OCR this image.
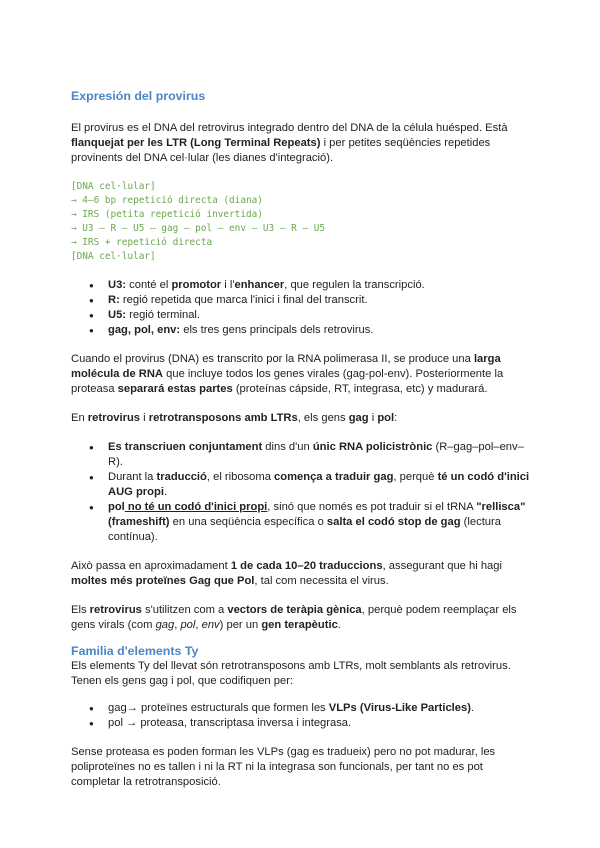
Expresión del provirus

El provirus es el DNA del retrovirus integrado dentro del DNA de la célula huésped. Està flanquejat per les LTR (Long Terminal Repeats) i per petites seqüències repetides provinents del DNA cel·lular (les dianes d'integració).

[DNA cel·lular]
→ 4–6 bp repetició directa (diana)
→ IRS (petita repetició invertida)
→ U3 – R – U5 – gag – pol – env – U3 – R – U5
→ IRS + repetició directa
[DNA cel·lular]
● U3: conté el promotor i l'enhancer, que regulen la transcripció.
● R: regió repetida que marca l'inici i final del transcrit.
● U5: regió terminal.
● gag, pol, env: els tres gens principals dels retrovirus.

Cuando el provirus (DNA) es transcrito por la RNA polimerasa II, se produce una larga molécula de RNA que incluye todos los genes virales (gag-pol-env). Posteriormente la proteasa separará estas partes (proteínas cápside, RT, integrasa, etc) y madurará.

En retrovirus i retrotransposons amb LTRs, els gens gag i pol:

● Es transcriuen conjuntament dins d'un únic RNA policistrònic (R–gag–pol–env–R).
● Durant la traducció, el ribosoma comença a traduir gag, perquè té un codó d'inici AUG propi.
● pol no té un codó d'inici propi, sinó que només es pot traduir si el tRNA "rellisca" (frameshift) en una seqüència específica o salta el codó stop de gag (lectura contínua).

Això passa en aproximadament 1 de cada 10–20 traduccions, assegurant que hi hagi moltes més proteïnes Gag que Pol, tal com necessita el virus.

Els retrovirus s'utilitzen com a vectors de teràpia gènica, perquè podem reemplaçar els gens virals (com gag, pol, env) per un gen terapèutic.

Familia d'elements Ty

Els elements Ty del llevat són retrotransposons amb LTRs, molt semblants als retrovirus. Tenen els gens gag i pol, que codifiquen per:

● gag→ proteïnes estructurals que formen les VLPs (Virus-Like Particles).
● pol → proteasa, transcriptasa inversa i integrasa.

Sense proteasa es poden forman les VLPs (gag es tradueix) pero no pot madurar, les poliproteïnes no es tallen i ni la RT ni la integrasa son funcionals, per tant no es pot completar la retrotransposició.
